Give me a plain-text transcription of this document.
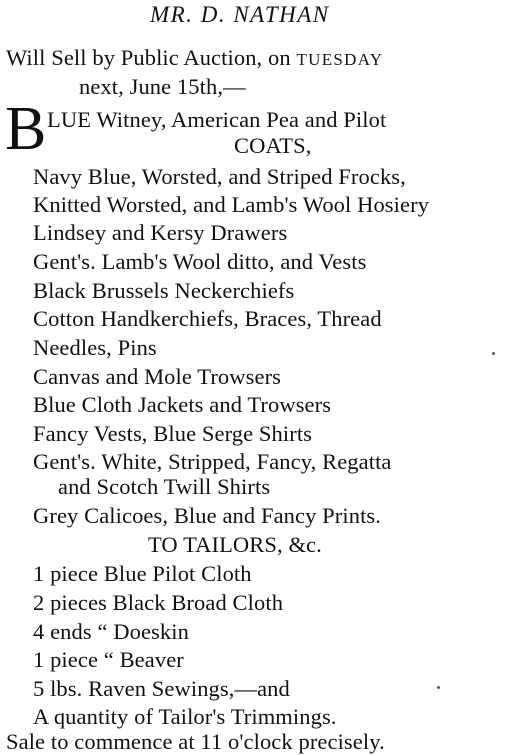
MR. D. NATHAN
Will Sell by Public Auction, on TUESDAY
next, June 15th,—
B LUE Witney, American Pea and Pilot
COATS,
Navy Blue, Worsted, and Striped Frocks,
Knitted Worsted, and Lamb's Wool Hosiery
Lindsey and Kersy Drawers
Gent's. Lamb's Wool ditto, and Vests
Black Brussels Neckerchiefs
Cotton Handkerchiefs, Braces, Thread
Needles, Pins
Canvas and Mole Trowsers
Blue Cloth Jackets and Trowsers
Fancy Vests, Blue Serge Shirts
Gent's. White, Stripped, Fancy, Regatta
and Scotch Twill Shirts
Grey Calicoes, Blue and Fancy Prints.
TO TAILORS, &c.
1 piece Blue Pilot Cloth
2 pieces Black Broad Cloth
4 ends “ Doeskin
1 piece “ Beaver
5 lbs. Raven Sewings,—and
A quantity of Tailor's Trimmings.
Sale to commence at 11 o'clock precisely.
